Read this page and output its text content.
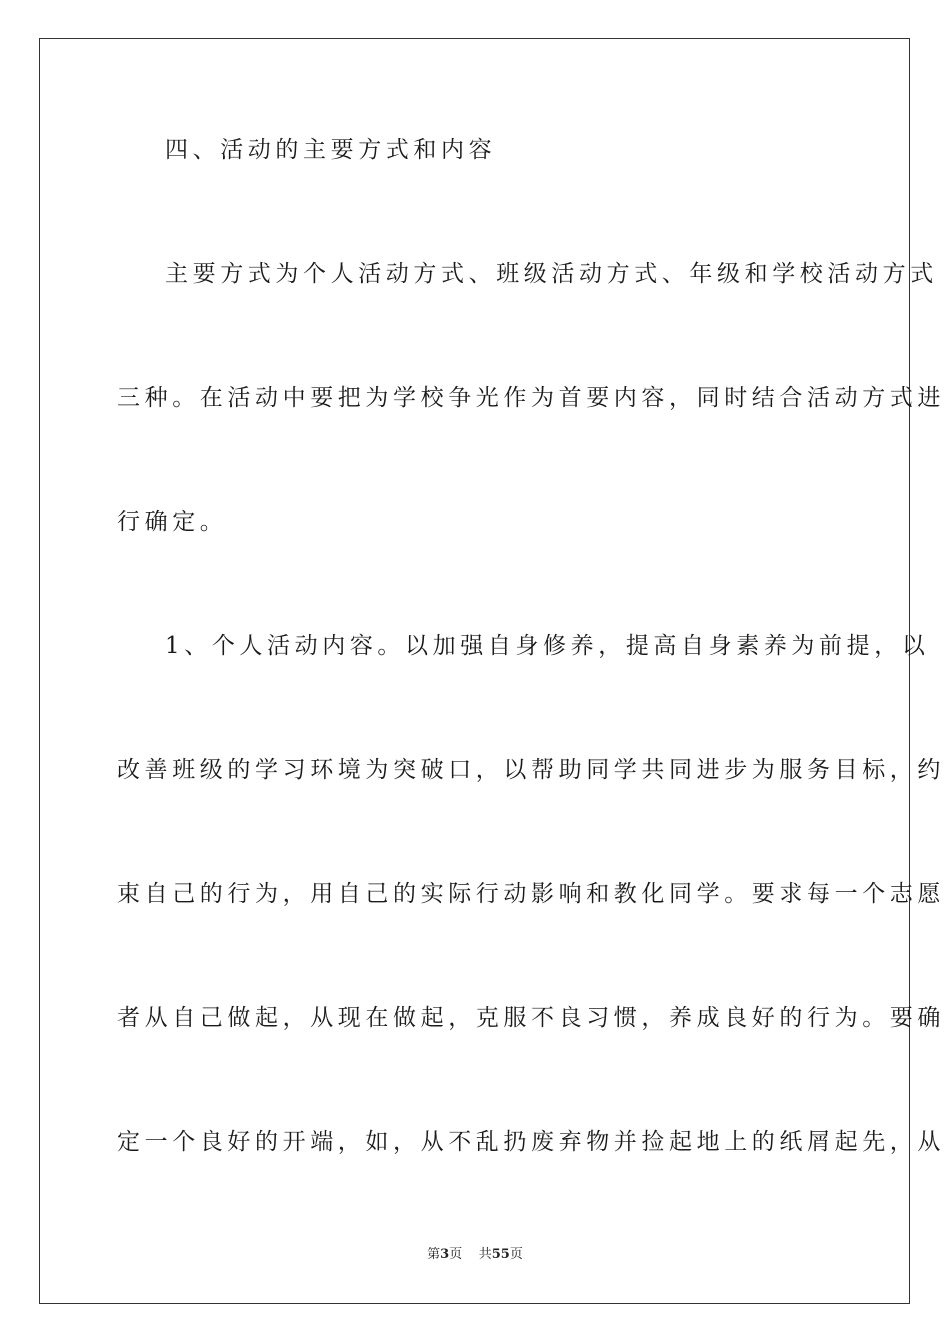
四、活动的主要方式和内容
主要方式为个人活动方式、班级活动方式、年级和学校活动方式
三种。在活动中要把为学校争光作为首要内容，同时结合活动方式进
行确定。
1、个人活动内容。以加强自身修养，提高自身素养为前提，以
改善班级的学习环境为突破口，以帮助同学共同进步为服务目标，约
束自己的行为，用自己的实际行动影响和教化同学。要求每一个志愿
者从自己做起，从现在做起，克服不良习惯，养成良好的行为。要确
定一个良好的开端，如，从不乱扔废弃物并捡起地上的纸屑起先，从
第3页 共55页
